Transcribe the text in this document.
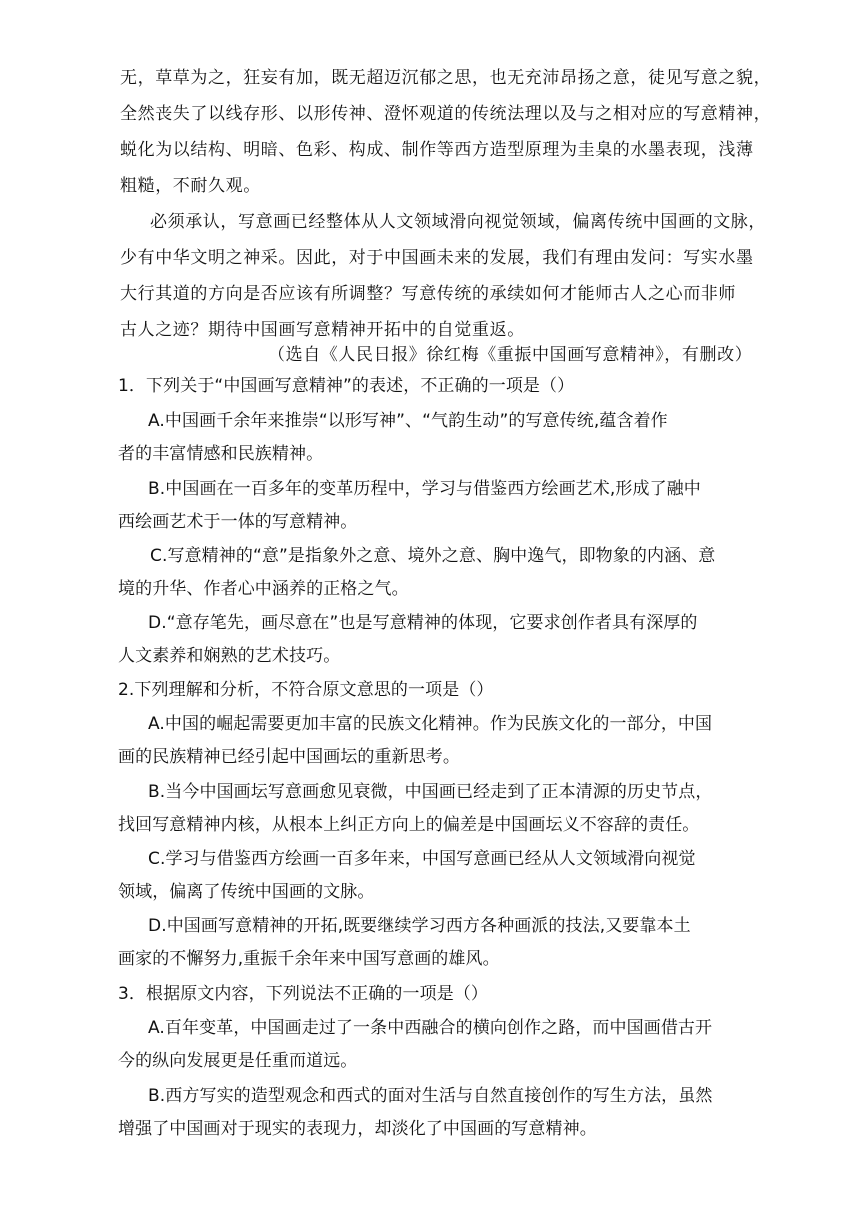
无，草草为之，狂妄有加，既无超迈沉郁之思，也无充沛昂扬之意，徒见写意之貌，
全然丧失了以线存形、以形传神、澄怀观道的传统法理以及与之相对应的写意精神，
蜕化为以结构、明暗、色彩、构成、制作等西方造型原理为圭臬的水墨表现，浅薄
粗糙，不耐久观。
必须承认，写意画已经整体从人文领域滑向视觉领域，偏离传统中国画的文脉，
少有中华文明之神采。因此，对于中国画未来的发展，我们有理由发问：写实水墨
大行其道的方向是否应该有所调整？写意传统的承续如何才能师古人之心而非师
古人之迹？期待中国画写意精神开拓中的自觉重返。
（选自《人民日报》徐红梅《重振中国画写意精神》，有删改）
1．下列关于“中国画写意精神”的表述，不正确的一项是（）
A.中国画千余年来推崇“以形写神”、“气韵生动”的写意传统,蕴含着作
者的丰富情感和民族精神。
B.中国画在一百多年的变革历程中，学习与借鉴西方绘画艺术,形成了融中
西绘画艺术于一体的写意精神。
C.写意精神的“意”是指象外之意、境外之意、胸中逸气，即物象的内涵、意
境的升华、作者心中涵养的正格之气。
D.“意存笔先，画尽意在”也是写意精神的体现，它要求创作者具有深厚的
人文素养和娴熟的艺术技巧。
2.下列理解和分析，不符合原文意思的一项是（）
A.中国的崛起需要更加丰富的民族文化精神。作为民族文化的一部分，中国
画的民族精神已经引起中国画坛的重新思考。
B.当今中国画坛写意画愈见衰微，中国画已经走到了正本清源的历史节点，
找回写意精神内核，从根本上纠正方向上的偏差是中国画坛义不容辞的责任。
C.学习与借鉴西方绘画一百多年来，中国写意画已经从人文领域滑向视觉
领域，偏离了传统中国画的文脉。
D.中国画写意精神的开拓,既要继续学习西方各种画派的技法,又要靠本土
画家的不懈努力,重振千余年来中国写意画的雄风。
3．根据原文内容，下列说法不正确的一项是（）
A.百年变革，中国画走过了一条中西融合的横向创作之路，而中国画借古开
今的纵向发展更是任重而道远。
B.西方写实的造型观念和西式的面对生活与自然直接创作的写生方法，虽然
增强了中国画对于现实的表现力，却淡化了中国画的写意精神。
